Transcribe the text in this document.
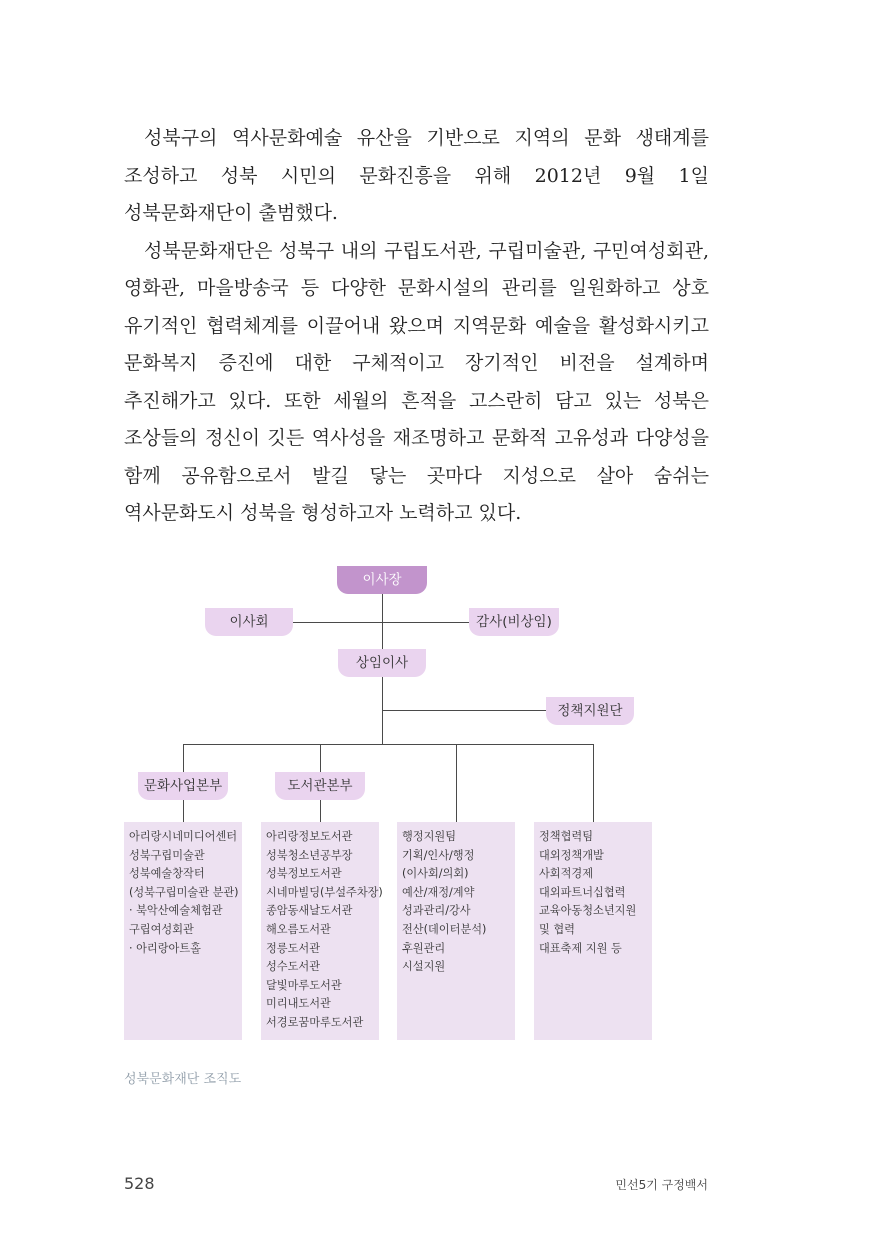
성북구의 역사문화예술 유산을 기반으로 지역의 문화 생태계를 조성하고 성북 시민의 문화진흥을 위해 2012년 9월 1일 성북문화재단이 출범했다.

성북문화재단은 성북구 내의 구립도서관, 구립미술관, 구민여성회관, 영화관, 마을방송국 등 다양한 문화시설의 관리를 일원화하고 상호 유기적인 협력체계를 이끌어내 왔으며 지역문화 예술을 활성화시키고 문화복지 증진에 대한 구체적이고 장기적인 비전을 설계하며 추진해가고 있다. 또한 세월의 흔적을 고스란히 담고 있는 성북은 조상들의 정신이 깃든 역사성을 재조명하고 문화적 고유성과 다양성을 함께 공유함으로서 발길 닿는 곳마다 지성으로 살아 숨쉬는 역사문화도시 성북을 형성하고자 노력하고 있다.

이사장
이사회	감사(비상임)
상임이사
정책지원단
문화사업본부	도서관본부
아리랑시네미디어센터
성북구립미술관
성북예술창작터
(성북구립미술관 분관)
· 북악산예술체험관
구립여성회관
· 아리랑아트홀
아리랑정보도서관
성북청소년공부장
성북정보도서관
시네마빌딩(부설주차장)
종암동새날도서관
해오름도서관
정릉도서관
성수도서관
달빛마루도서관
미리내도서관
서경로꿈마루도서관
행정지원팀
기획/인사/행정
(이사회/의회)
예산/재정/계약
성과관리/강사
전산(데이터분석)
후원관리
시설지원
정책협력팀
대외정책개발
사회적경제
대외파트너십협력
교육아동청소년지원
및 협력
대표축제 지원 등
성북문화재단 조직도
528	민선5기 구정백서
